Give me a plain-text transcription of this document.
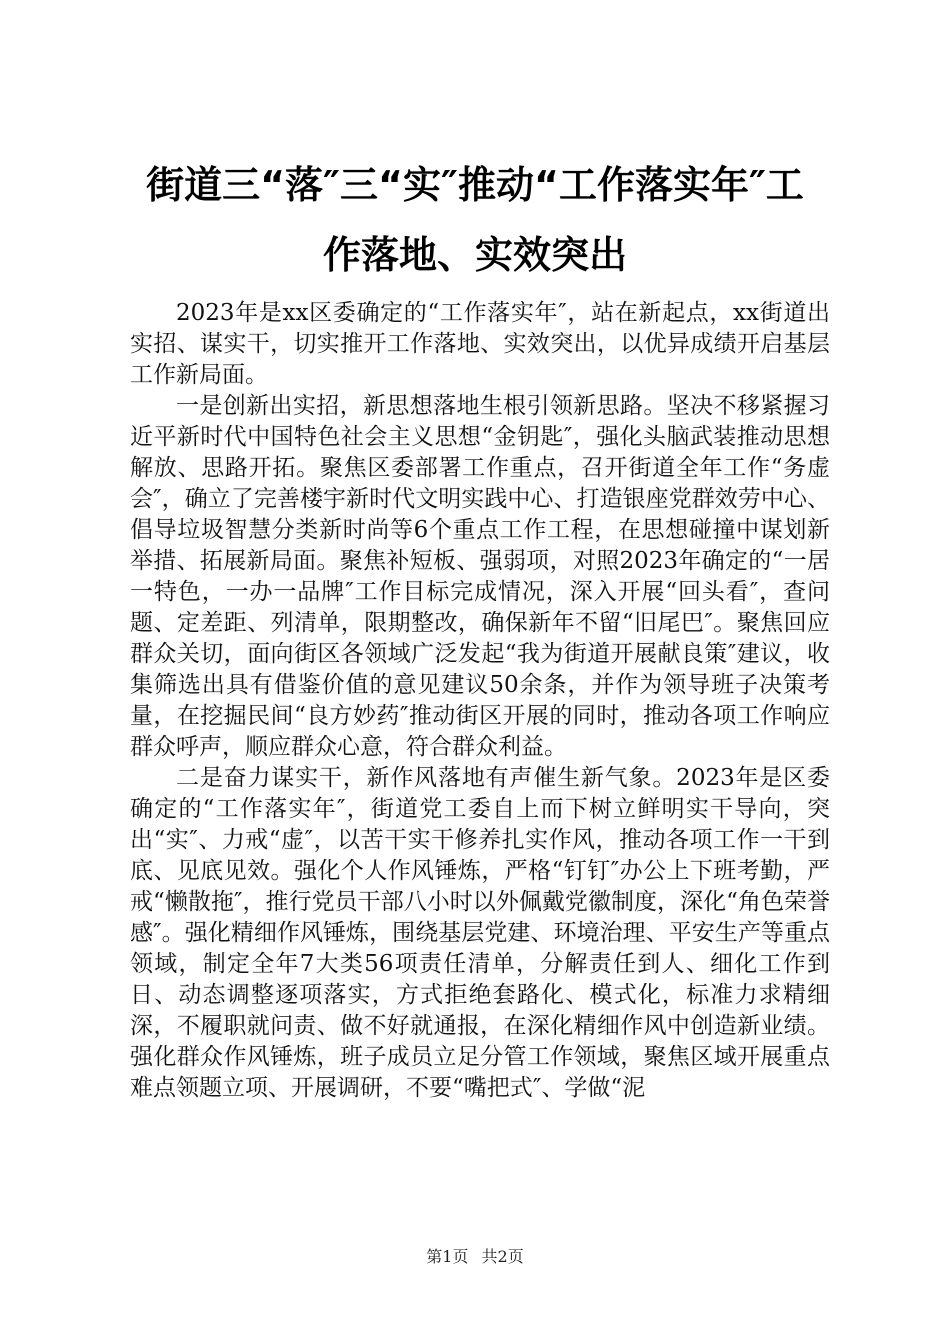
街道三“落″三“实″推动“工作落实年″工
作落地、实效突出

2023年是xx区委确定的“工作落实年″，站在新起点，xx街道出实招、谋实干，切实推开工作落地、实效突出，以优异成绩开启基层工作新局面。

一是创新出实招，新思想落地生根引领新思路。坚决不移紧握习近平新时代中国特色社会主义思想“金钥匙″，强化头脑武装推动思想解放、思路开拓。聚焦区委部署工作重点，召开街道全年工作“务虚会″，确立了完善楼宇新时代文明实践中心、打造银座党群效劳中心、倡导垃圾智慧分类新时尚等6个重点工作工程，在思想碰撞中谋划新举措、拓展新局面。聚焦补短板、强弱项，对照2023年确定的“一居一特色，一办一品牌″工作目标完成情况，深入开展“回头看″，查问题、定差距、列清单，限期整改，确保新年不留“旧尾巴″。聚焦回应群众关切，面向街区各领域广泛发起“我为街道开展献良策″建议，收集筛选出具有借鉴价值的意见建议50余条，并作为领导班子决策考量，在挖掘民间“良方妙药″推动街区开展的同时，推动各项工作响应群众呼声，顺应群众心意，符合群众利益。

二是奋力谋实干，新作风落地有声催生新气象。2023年是区委确定的“工作落实年″，街道党工委自上而下树立鲜明实干导向，突出“实″、力戒“虚″，以苦干实干修养扎实作风，推动各项工作一干到底、见底见效。强化个人作风锤炼，严格“钉钉″办公上下班考勤，严戒“懒散拖″，推行党员干部八小时以外佩戴党徽制度，深化“角色荣誉感″。强化精细作风锤炼，围绕基层党建、环境治理、平安生产等重点领域，制定全年7大类56项责任清单，分解责任到人、细化工作到日、动态调整逐项落实，方式拒绝套路化、模式化，标准力求精细深，不履职就问责、做不好就通报，在深化精细作风中创造新业绩。强化群众作风锤炼，班子成员立足分管工作领域，聚焦区域开展重点难点领题立项、开展调研，不要“嘴把式″、学做“泥

第1页 共2页
